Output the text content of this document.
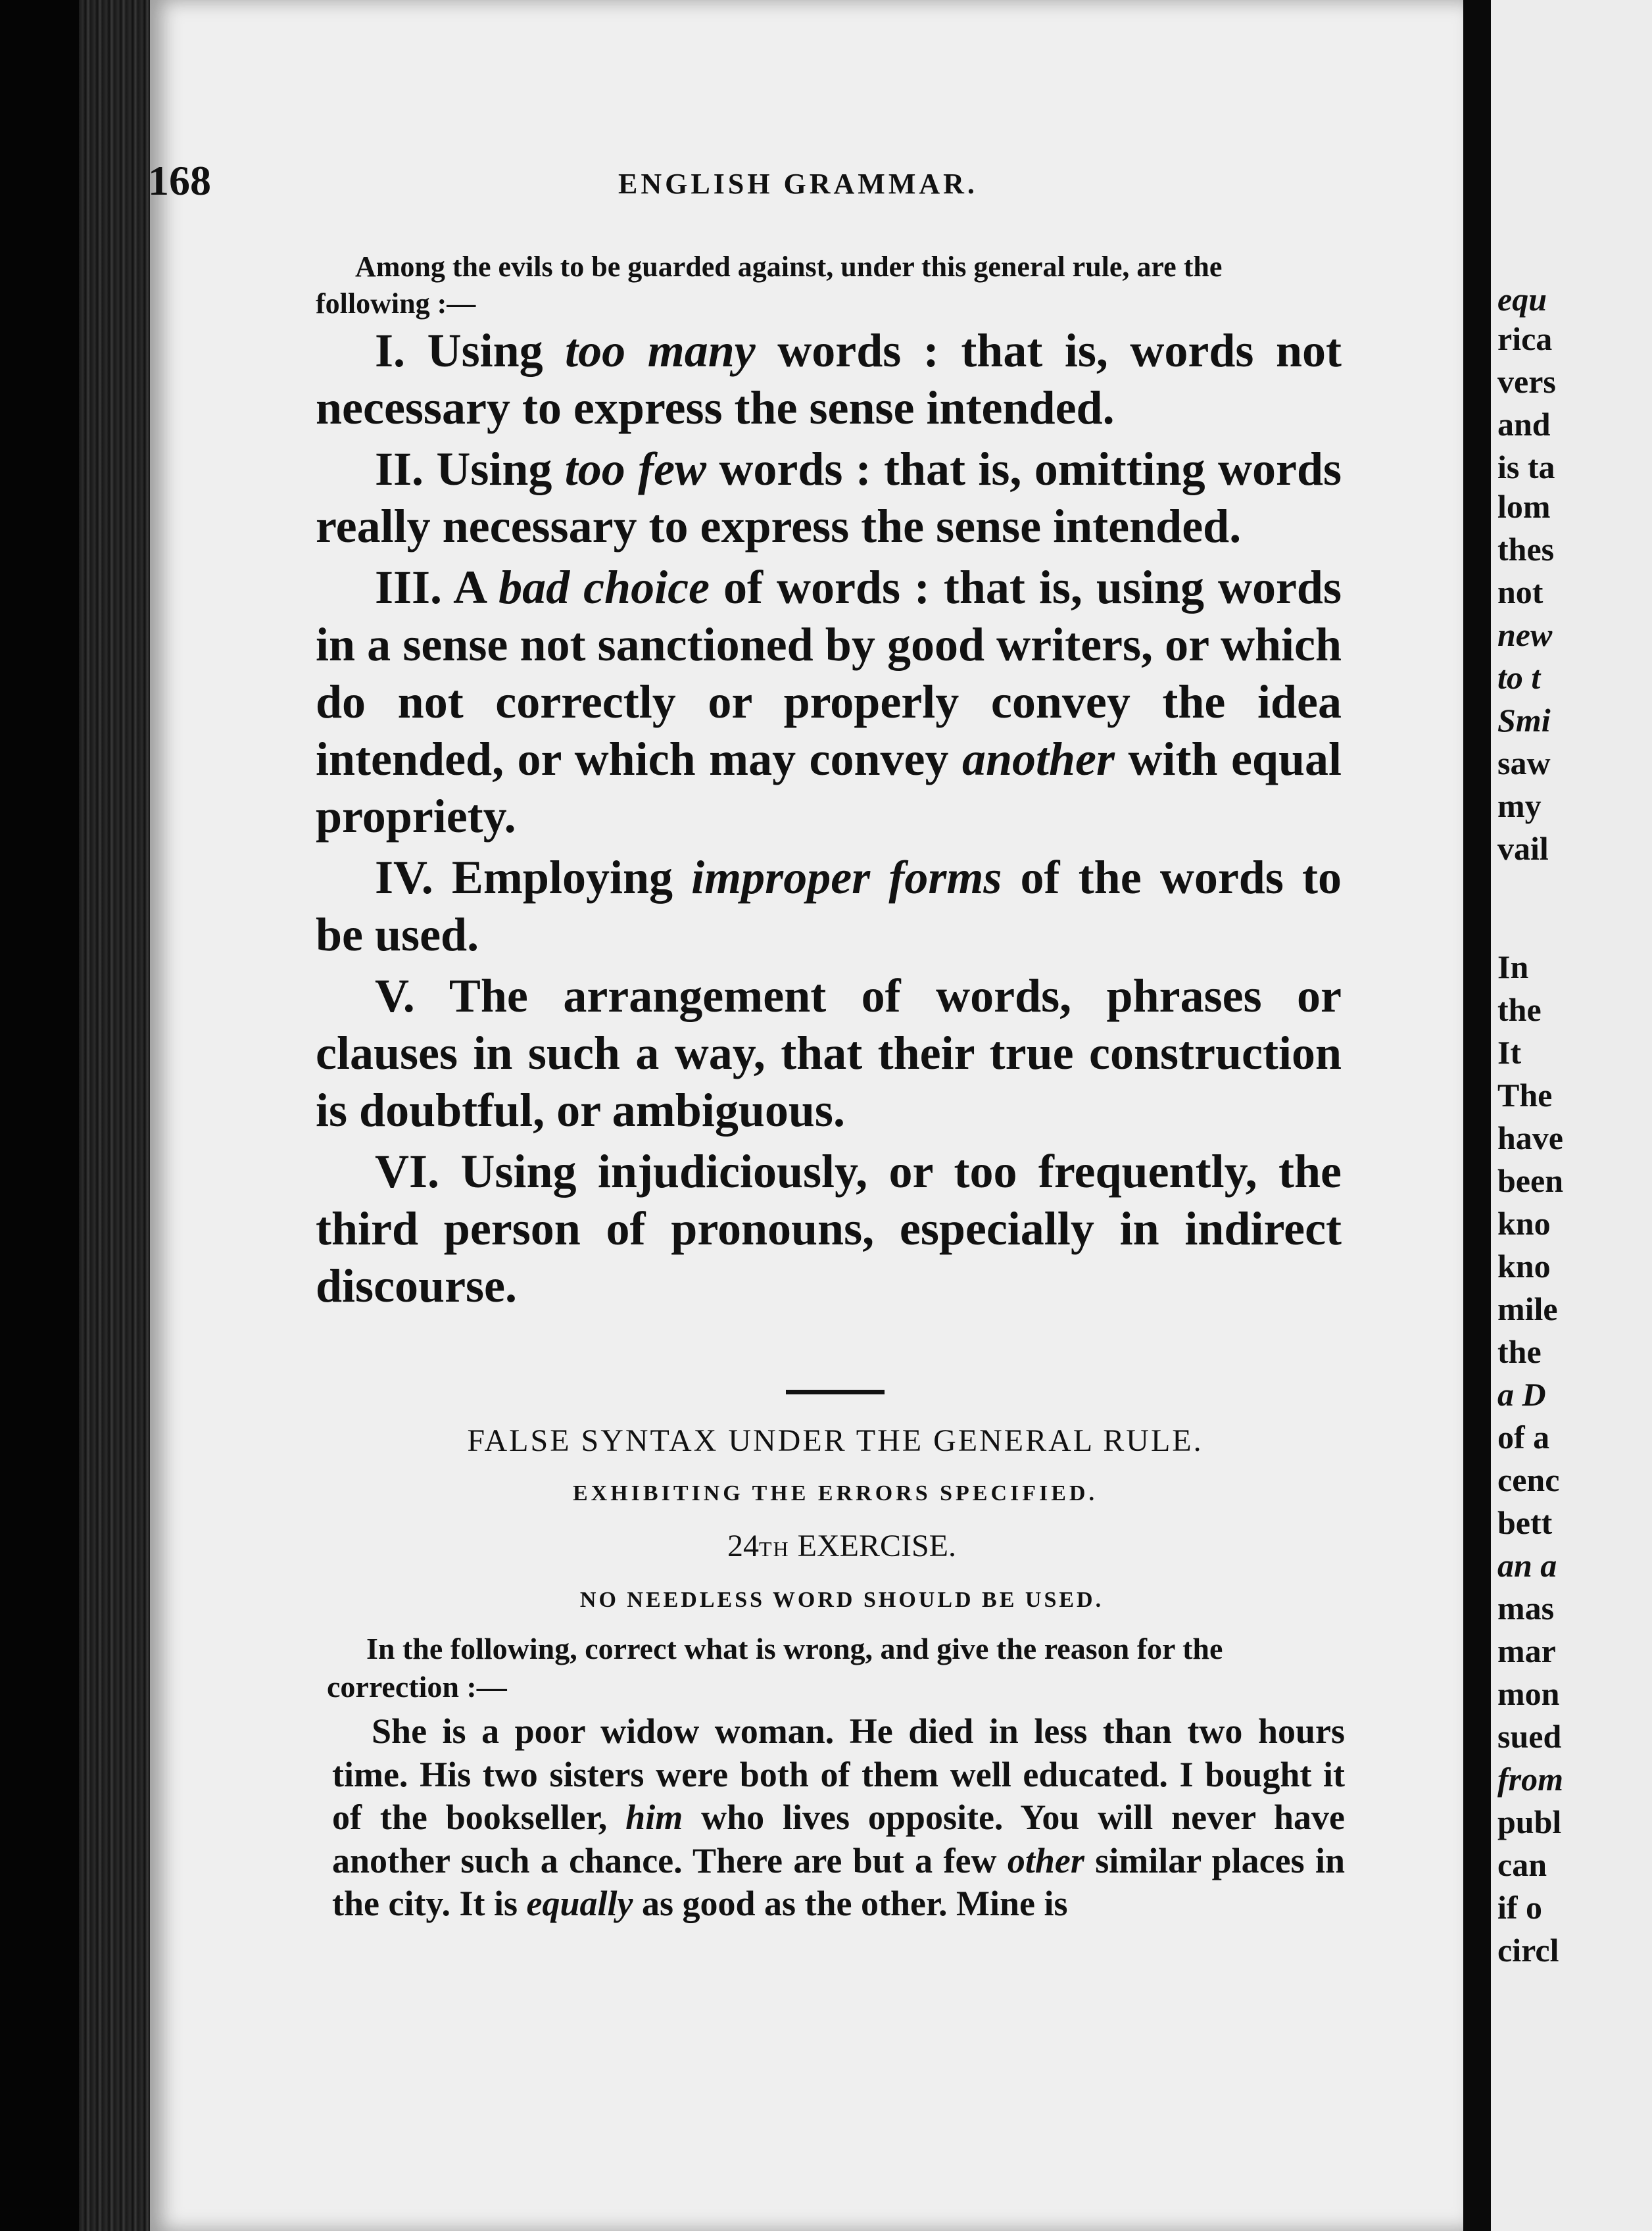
168	ENGLISH GRAMMAR.
Among the evils to be guarded against, under this general rule, are the following :—

I. Using too many words : that is, words not necessary to express the sense intended.

II. Using too few words : that is, omitting words really necessary to express the sense intended.

III. A bad choice of words : that is, using words in a sense not sanctioned by good writers, or which do not correctly or properly convey the idea intended, or which may convey another with equal propriety.

IV. Employing improper forms of the words to be used.

V. The arrangement of words, phrases or clauses in such a way, that their true construction is doubtful, or ambiguous.

VI. Using injudiciously, or too frequently, the third person of pronouns, especially in indirect discourse.

FALSE SYNTAX UNDER THE GENERAL RULE.
EXHIBITING THE ERRORS SPECIFIED.
24TH EXERCISE.
NO NEEDLESS WORD SHOULD BE USED.
In the following, correct what is wrong, and give the reason for the correction :—
She is a poor widow woman. He died in less than two hours time. His two sisters were both of them well educated. I bought it of the bookseller, him who lives opposite. You will never have another such a chance. There are but a few other similar places in the city. It is equally as good as the other. Mine is
equ
rica
vers
and
is ta
lom
thes
not
new
to t
Smi
saw
my
vail
In
the
It
The
have
been
kno
kno
mile
the
a D
of a
cenc
bett
an a
mas
mar
mon
sued
from
publ
can
if o
circl
